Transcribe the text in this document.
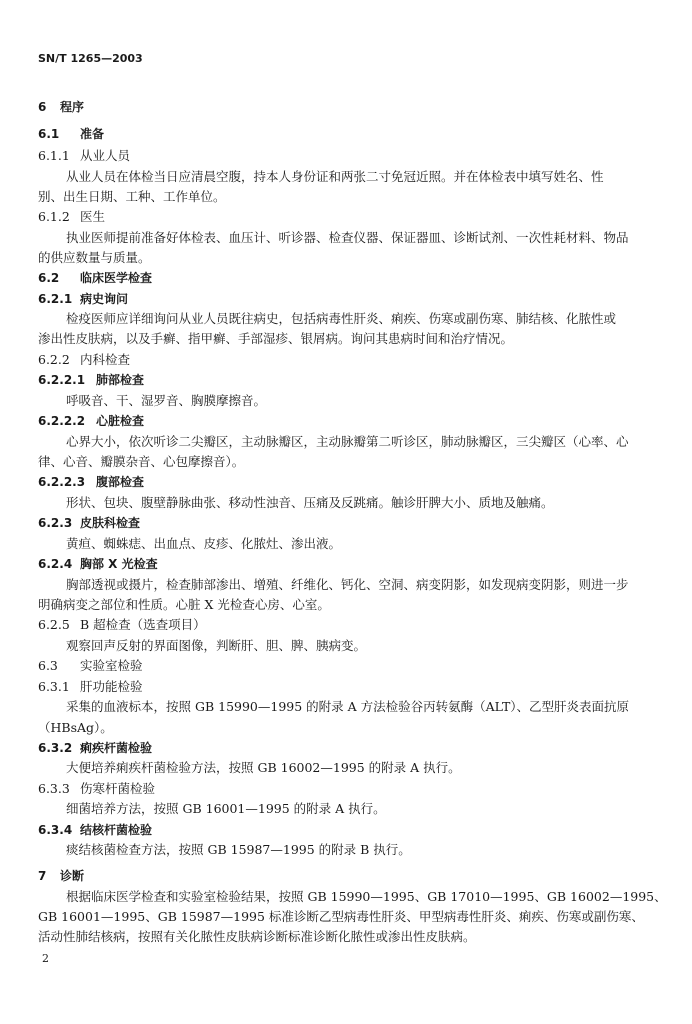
SN/T 1265—2003
6 程序
6.1 准备
6.1.1 从业人员
从业人员在体检当日应清晨空腹，持本人身份证和两张二寸免冠近照。并在体检表中填写姓名、性
别、出生日期、工种、工作单位。
6.1.2 医生
执业医师提前准备好体检表、血压计、听诊器、检查仪器、保证器皿、诊断试剂、一次性耗材料、物品
的供应数量与质量。
6.2 临床医学检查
6.2.1 病史询问
检疫医师应详细询问从业人员既往病史，包括病毒性肝炎、痢疾、伤寒或副伤寒、肺结核、化脓性或
渗出性皮肤病，以及手癣、指甲癣、手部湿疹、银屑病。询问其患病时间和治疗情况。
6.2.2 内科检查
6.2.2.1 肺部检查
呼吸音、干、湿罗音、胸膜摩擦音。
6.2.2.2 心脏检查
心界大小，依次听诊二尖瓣区，主动脉瓣区，主动脉瓣第二听诊区，肺动脉瓣区，三尖瓣区（心率、心
律、心音、瓣膜杂音、心包摩擦音）。
6.2.2.3 腹部检查
形状、包块、腹壁静脉曲张、移动性浊音、压痛及反跳痛。触诊肝脾大小、质地及触痛。
6.2.3 皮肤科检查
黄疸、蜘蛛痣、出血点、皮疹、化脓灶、渗出液。
6.2.4 胸部 X 光检查
胸部透视或摄片，检查肺部渗出、增殖、纤维化、钙化、空洞、病变阴影，如发现病变阴影，则进一步
明确病变之部位和性质。心脏 X 光检查心房、心室。
6.2.5 B 超检查（选查项目）
观察回声反射的界面图像，判断肝、胆、脾、胰病变。
6.3 实验室检验
6.3.1 肝功能检验
采集的血液标本，按照 GB 15990—1995 的附录 A 方法检验谷丙转氨酶（ALT）、乙型肝炎表面抗原
（HBsAg）。
6.3.2 痢疾杆菌检验
大便培养痢疾杆菌检验方法，按照 GB 16002—1995 的附录 A 执行。
6.3.3 伤寒杆菌检验
细菌培养方法，按照 GB 16001—1995 的附录 A 执行。
6.3.4 结核杆菌检验
痰结核菌检查方法，按照 GB 15987—1995 的附录 B 执行。
7 诊断
根据临床医学检查和实验室检验结果，按照 GB 15990—1995、GB 17010—1995、GB 16002—1995、
GB 16001—1995、GB 15987—1995 标准诊断乙型病毒性肝炎、甲型病毒性肝炎、痢疾、伤寒或副伤寒、
活动性肺结核病，按照有关化脓性皮肤病诊断标准诊断化脓性或渗出性皮肤病。
2
